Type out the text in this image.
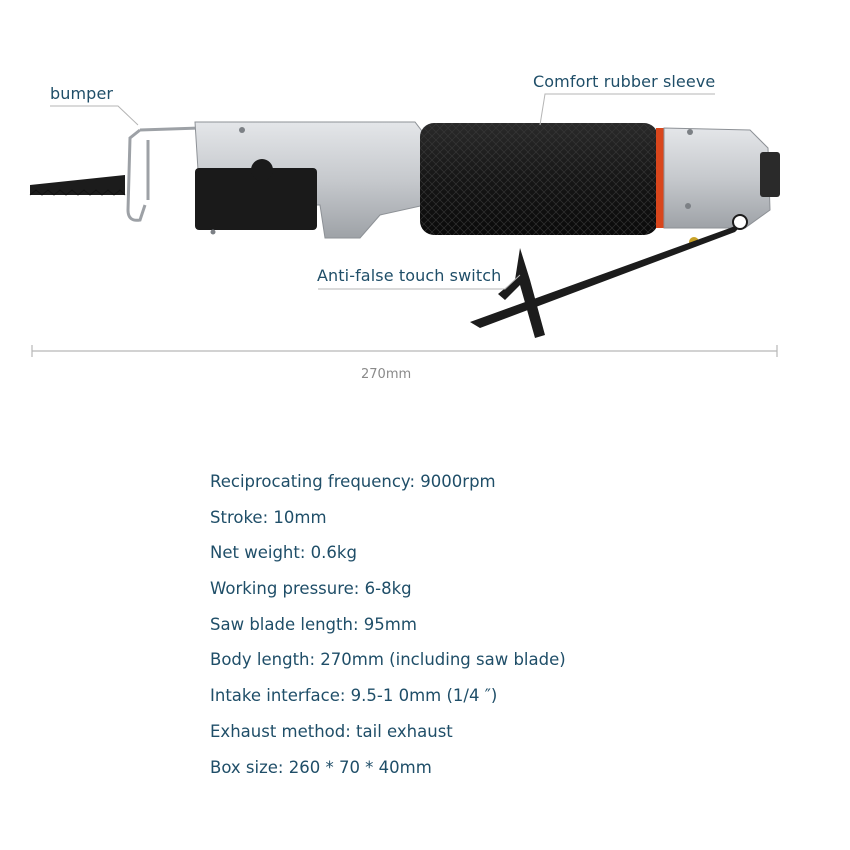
bumper
Comfort rubber sleeve
Anti-false touch switch
270mm
Reciprocating frequency: 9000rpm
Stroke: 10mm
Net weight: 0.6kg
Working pressure: 6-8kg
Saw blade length: 95mm
Body length: 270mm (including saw blade)
Intake interface: 9.5-1 0mm (1/4 ″)
Exhaust method: tail exhaust
Box size: 260 * 70 * 40mm
